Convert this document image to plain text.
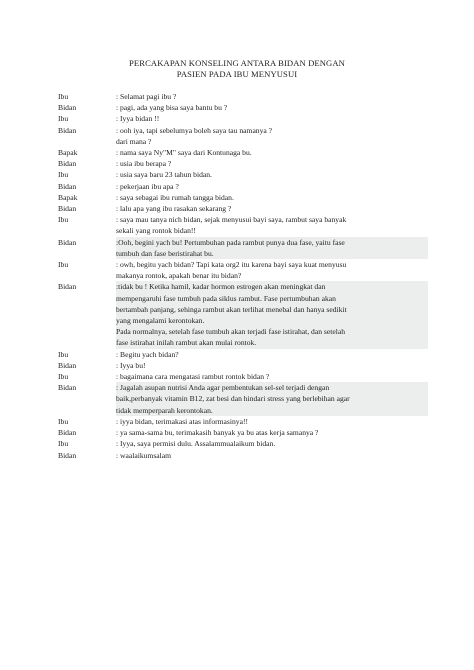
PERCAKAPAN KONSELING ANTARA BIDAN DENGAN
PASIEN PADA IBU MENYUSUI
Ibu	: Selamat pagi ibu ?
Bidan	: pagi, ada yang bisa saya bantu bu ?
Ibu	: Iyya bidan !!
Bidan	: ooh iya, tapi sebelumya boleh saya tau namanya ?
dari mana ?
Bapak	: nama saya Ny"M" saya dari Kontunaga bu.
Bidan	: usia ibu berapa ?
Ibu	: usia saya baru 23 tahun bidan.
Bidan	: pekerjaan ibu apa ?
Bapak	: saya sebagai ibu rumah tangga bidan.
Bidan	: lalu apa yang ibu rasakan sekarang ?
Ibu	: saya mau tanya nich bidan, sejak menyusui bayi saya, rambut saya banyak
sekali yang rontok bidan!!
Bidan	:Ooh, begini yach bu! Pertumbuhan pada rambut punya dua fase, yaitu fase
tumbuh dan fase beristirahat bu.
Ibu	: owh, begitu yach bidan? Tapi kata org2 itu karena bayi saya kuat menyusu
makanya rontok, apakah benar itu bidan?
Bidan	:tidak bu ! Ketika hamil, kadar hormon estrogen akan meningkat dan
mempengaruhi fase tumbuh pada siklus rambut. Fase pertumbuhan akan
bertambah panjang, sehinga rambut akan terlihat menebal dan hanya sedikit
yang mengalami kerontokan.
Pada normalnya, setelah fase tumbuh akan terjadi fase istirahat, dan setelah
fase istirahat inilah rambut akan mulai rontok.
Ibu	: Begitu yach bidan?
Bidan	: Iyya bu!
Ibu	: bagaimana cara mengatasi rambut rontok bidan ?
Bidan	: Jagalah asupan nutrisi Anda agar pembentukan sel-sel terjadi dengan
baik,perbanyak vitamin B12, zat besi dan hindari stress yang berlebihan agar
tidak memperparah kerontokan.
Ibu	: iyya bidan, terimakasi atas informasinya!!
Bidan	: ya sama-sama bu, terimakasih banyak ya bu atas kerja samanya ?
Ibu	: Iyya, saya permisi dulu. Assalammualaikum bidan.
Bidan	: waalaikumsalam
